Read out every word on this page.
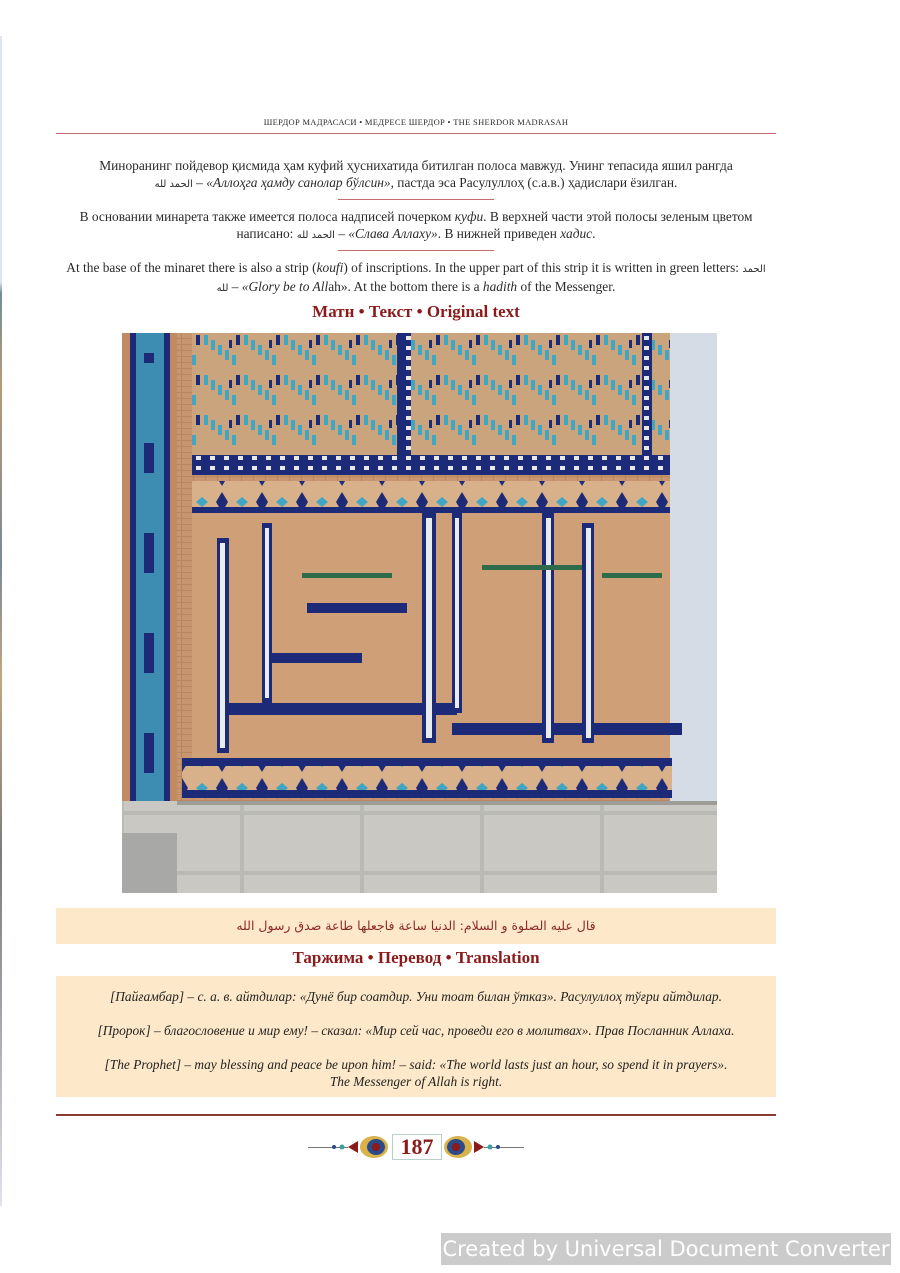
ШЕРДОР МАДРАСАСИ • МЕДРЕСЕ ШЕРДОР • THE SHERDOR MADRASAH
Миноранинг пойдевор қисмида ҳам куфий ҳуснихатида битилган полоса мавжуд. Унинг тепасида яшил рангда
الحمد لله – «Аллоҳга ҳамду санолар бўлсин», пастда эса Расулуллоҳ (с.а.в.) ҳадислари ёзилган.
В основании минарета также имеется полоса надписей почерком куфи. В верхней части этой полосы зеленым цветом написано: الحمد لله – «Слава Аллаху». В нижней приведен хадис.
At the base of the minaret there is also a strip (koufi) of inscriptions. In the upper part of this strip it is written in green letters: الحمد لله – «Glory be to Allah». At the bottom there is a hadith of the Messenger.
Матн • Текст • Original text
قال عليه الصلوة و السلام: الدنيا ساعة فاجعلها طاعة صدق رسول الله
Таржима • Перевод • Translation
[Пайғамбар] – с. а. в. айтдилар: «Дунё бир соатдир. Уни тоат билан ўтказ». Расулуллоҳ тўғри айтдилар.
[Пророк] – благословение и мир ему! – сказал: «Мир сей час, проведи его в молитвах». Прав Посланник Аллаха.
[The Prophet] – may blessing and peace be upon him! – said: «The world lasts just an hour, so spend it in prayers».
The Messenger of Allah is right.
187
Created by Universal Document Converter
